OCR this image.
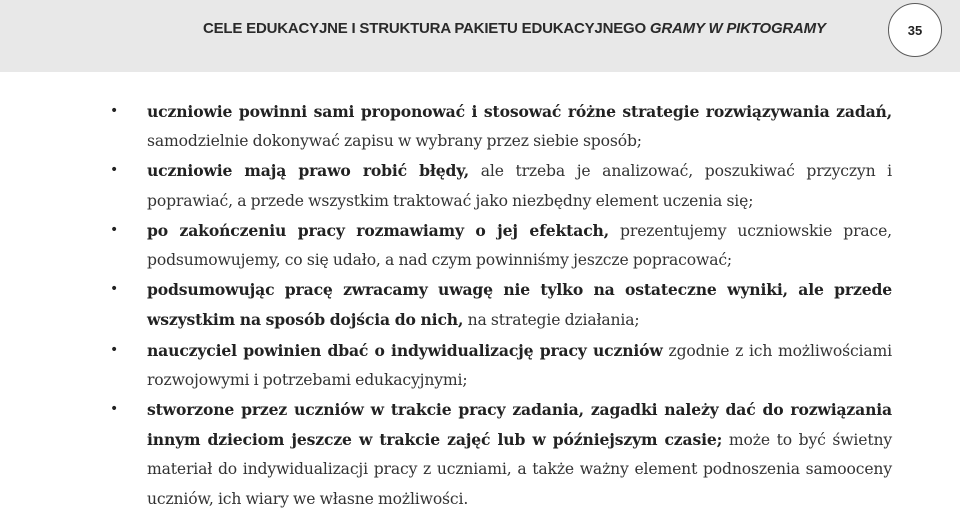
CELE EDUKACYJNE I STRUKTURA PAKIETU EDUKACYJNEGO GRAMY W PIKTOGRAMY	35
• uczniowie powinni sami proponować i stosować różne strategie rozwiązywania zadań, samodzielnie dokonywać zapisu w wybrany przez siebie sposób;
• uczniowie mają prawo robić błędy, ale trzeba je analizować, poszukiwać przyczyn i poprawiać, a przede wszystkim traktować jako niezbędny element uczenia się;
• po zakończeniu pracy rozmawiamy o jej efektach, prezentujemy uczniowskie prace, podsumowujemy, co się udało, a nad czym powinniśmy jeszcze popracować;
• podsumowując pracę zwracamy uwagę nie tylko na ostateczne wyniki, ale przede wszystkim na sposób dojścia do nich, na strategie działania;
• nauczyciel powinien dbać o indywidualizację pracy uczniów zgodnie z ich możliwościami rozwojowymi i potrzebami edukacyjnymi;
• stworzone przez uczniów w trakcie pracy zadania, zagadki należy dać do rozwiązania innym dzieciom jeszcze w trakcie zajęć lub w późniejszym czasie; może to być świetny materiał do indywidualizacji pracy z uczniami, a także ważny element podnoszenia samooceny uczniów, ich wiary we własne możliwości.
